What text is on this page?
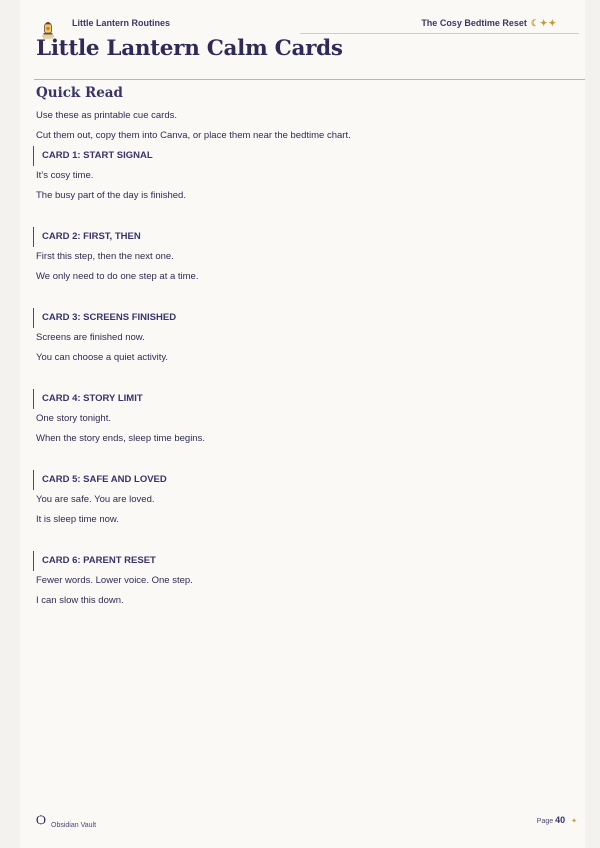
Little Lantern Routines	The Cosy Bedtime Reset ☾✦✦
Little Lantern Calm Cards
Quick Read

Use these as printable cue cards.

Cut them out, copy them into Canva, or place them near the bedtime chart.

CARD 1: START SIGNAL

It’s cosy time.

The busy part of the day is finished.

CARD 2: FIRST, THEN

First this step, then the next one.

We only need to do one step at a time.

CARD 3: SCREENS FINISHED

Screens are finished now.

You can choose a quiet activity.

CARD 4: STORY LIMIT

One story tonight.

When the story ends, sleep time begins.

CARD 5: SAFE AND LOVED

You are safe. You are loved.

It is sleep time now.

CARD 6: PARENT RESET

Fewer words. Lower voice. One step.

I can slow this down.

Ѻ Obsidian Vault
Page 40 ✦
